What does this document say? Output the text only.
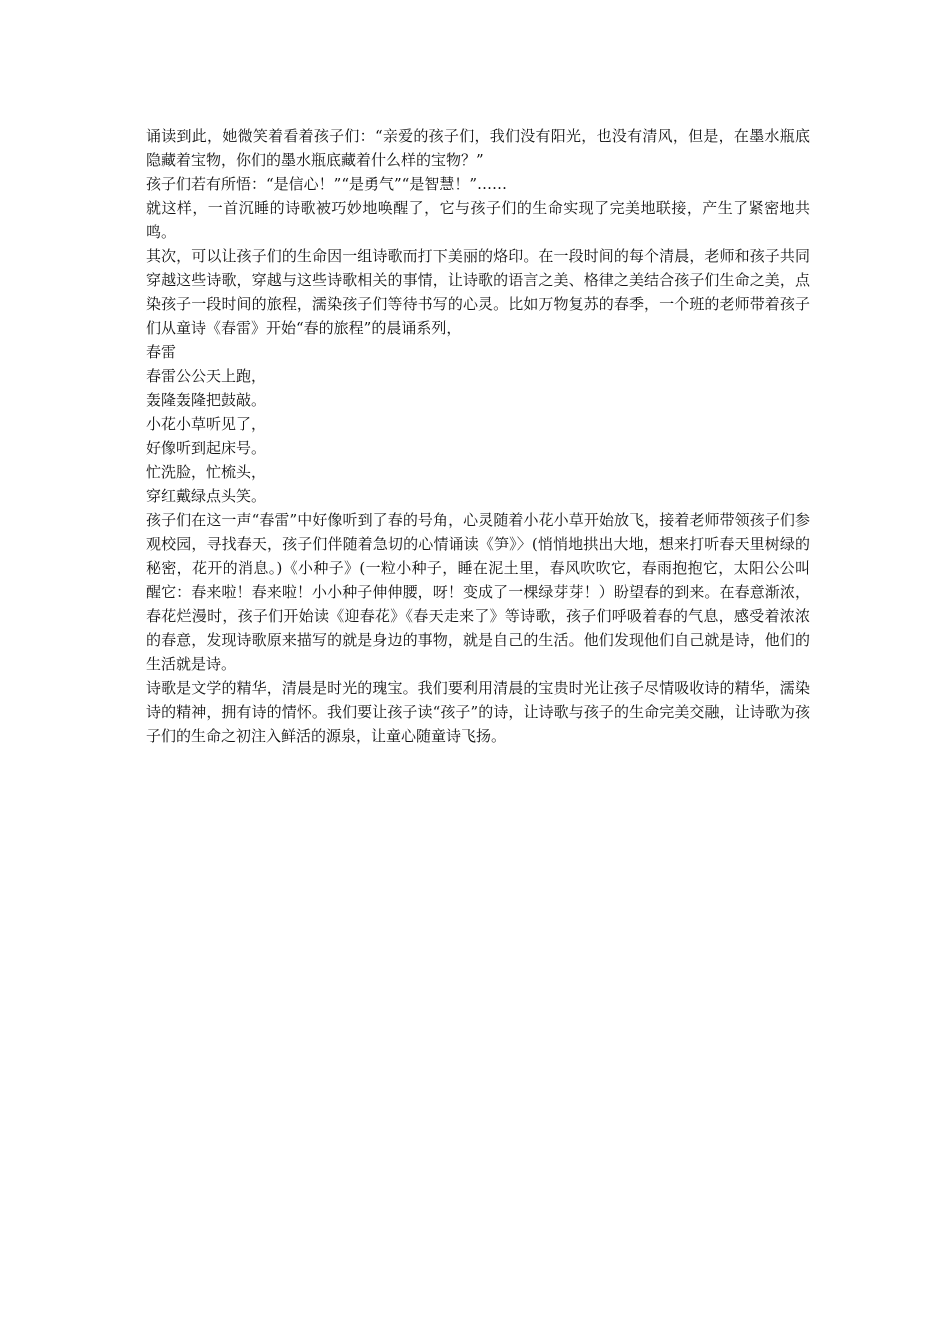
诵读到此，她微笑着看着孩子们：“亲爱的孩子们，我们没有阳光，也没有清风，但是，在墨水瓶底隐藏着宝物，你们的墨水瓶底藏着什么样的宝物？”

孩子们若有所悟：“是信心！”“是勇气”“是智慧！”……

就这样，一首沉睡的诗歌被巧妙地唤醒了，它与孩子们的生命实现了完美地联接，产生了紧密地共鸣。

其次，可以让孩子们的生命因一组诗歌而打下美丽的烙印。在一段时间的每个清晨，老师和孩子共同穿越这些诗歌，穿越与这些诗歌相关的事情，让诗歌的语言之美、格律之美结合孩子们生命之美，点染孩子一段时间的旅程，濡染孩子们等待书写的心灵。比如万物复苏的春季，一个班的老师带着孩子们从童诗《春雷》开始“春的旅程”的晨诵系列，

春雷

春雷公公天上跑，

轰隆轰隆把鼓敲。

小花小草听见了，

好像听到起床号。

忙洗脸，忙梳头，

穿红戴绿点头笑。

孩子们在这一声“春雷”中好像听到了春的号角，心灵随着小花小草开始放飞，接着老师带领孩子们参观校园，寻找春天，孩子们伴随着急切的心情诵读《笋》〉(悄悄地拱出大地，想来打听春天里树绿的秘密，花开的消息。)《小种子》(一粒小种子，睡在泥土里，春风吹吹它，春雨抱抱它，太阳公公叫醒它：春来啦！春来啦！小小种子伸伸腰，呀！变成了一棵绿芽芽！）盼望春的到来。在春意渐浓，春花烂漫时，孩子们开始读《迎春花》《春天走来了》等诗歌，孩子们呼吸着春的气息，感受着浓浓的春意，发现诗歌原来描写的就是身边的事物，就是自己的生活。他们发现他们自己就是诗，他们的生活就是诗。

诗歌是文学的精华，清晨是时光的瑰宝。我们要利用清晨的宝贵时光让孩子尽情吸收诗的精华，濡染诗的精神，拥有诗的情怀。我们要让孩子读“孩子”的诗，让诗歌与孩子的生命完美交融，让诗歌为孩子们的生命之初注入鲜活的源泉，让童心随童诗飞扬。
